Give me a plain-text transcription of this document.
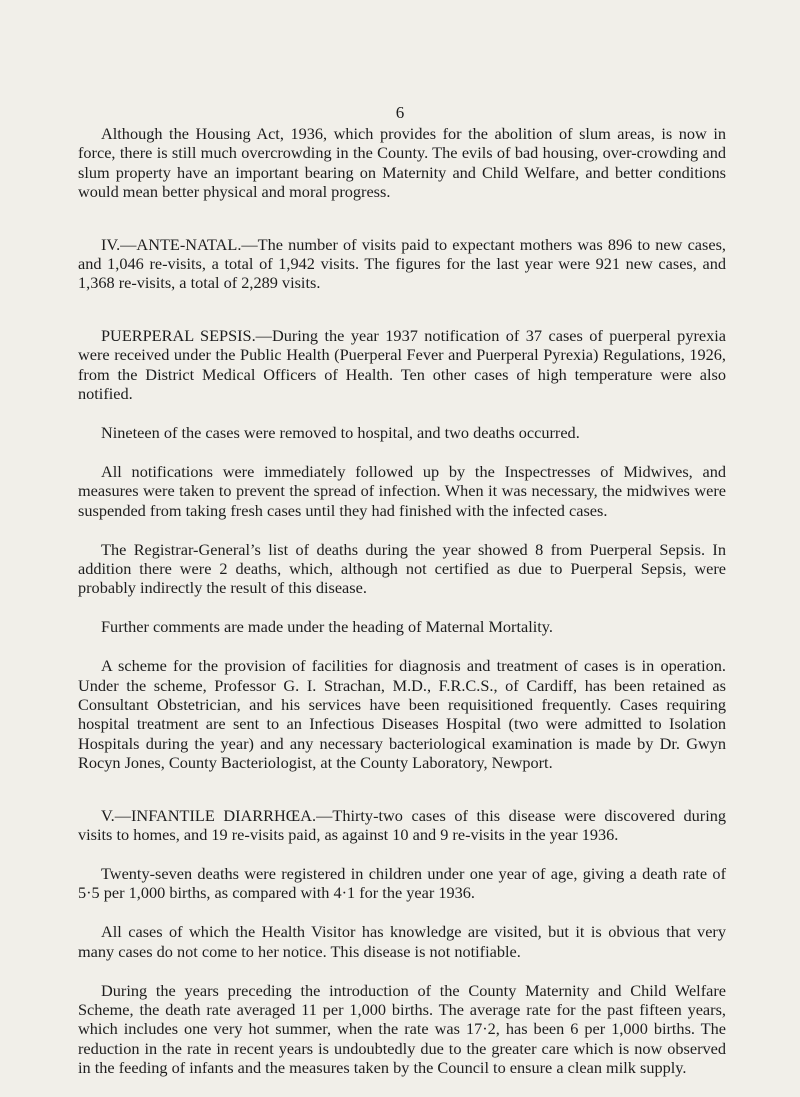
6

Although the Housing Act, 1936, which provides for the abolition of slum areas, is now in force, there is still much overcrowding in the County. The evils of bad housing, over-crowding and slum property have an important bearing on Maternity and Child Welfare, and better conditions would mean better physical and moral progress.

IV.—ANTE-NATAL.—The number of visits paid to expectant mothers was 896 to new cases, and 1,046 re-visits, a total of 1,942 visits. The figures for the last year were 921 new cases, and 1,368 re-visits, a total of 2,289 visits.

PUERPERAL SEPSIS.—During the year 1937 notification of 37 cases of puerperal pyrexia were received under the Public Health (Puerperal Fever and Puerperal Pyrexia) Regulations, 1926, from the District Medical Officers of Health. Ten other cases of high temperature were also notified.

Nineteen of the cases were removed to hospital, and two deaths occurred.

All notifications were immediately followed up by the Inspectresses of Midwives, and measures were taken to prevent the spread of infection. When it was necessary, the midwives were suspended from taking fresh cases until they had finished with the infected cases.

The Registrar-General’s list of deaths during the year showed 8 from Puerperal Sepsis. In addition there were 2 deaths, which, although not certified as due to Puerperal Sepsis, were probably indirectly the result of this disease.

Further comments are made under the heading of Maternal Mortality.

A scheme for the provision of facilities for diagnosis and treatment of cases is in operation. Under the scheme, Professor G. I. Strachan, M.D., F.R.C.S., of Cardiff, has been retained as Consultant Obstetrician, and his services have been requisitioned frequently. Cases requiring hospital treatment are sent to an Infectious Diseases Hospital (two were admitted to Isolation Hospitals during the year) and any necessary bacteriological examination is made by Dr. Gwyn Rocyn Jones, County Bacteriologist, at the County Laboratory, Newport.

V.—INFANTILE DIARRHŒA.—Thirty-two cases of this disease were discovered during visits to homes, and 19 re-visits paid, as against 10 and 9 re-visits in the year 1936.

Twenty-seven deaths were registered in children under one year of age, giving a death rate of 5·5 per 1,000 births, as compared with 4·1 for the year 1936.

All cases of which the Health Visitor has knowledge are visited, but it is obvious that very many cases do not come to her notice. This disease is not notifiable.

During the years preceding the introduction of the County Maternity and Child Welfare Scheme, the death rate averaged 11 per 1,000 births. The average rate for the past fifteen years, which includes one very hot summer, when the rate was 17·2, has been 6 per 1,000 births. The reduction in the rate in recent years is undoubtedly due to the greater care which is now observed in the feeding of infants and the measures taken by the Council to ensure a clean milk supply.
